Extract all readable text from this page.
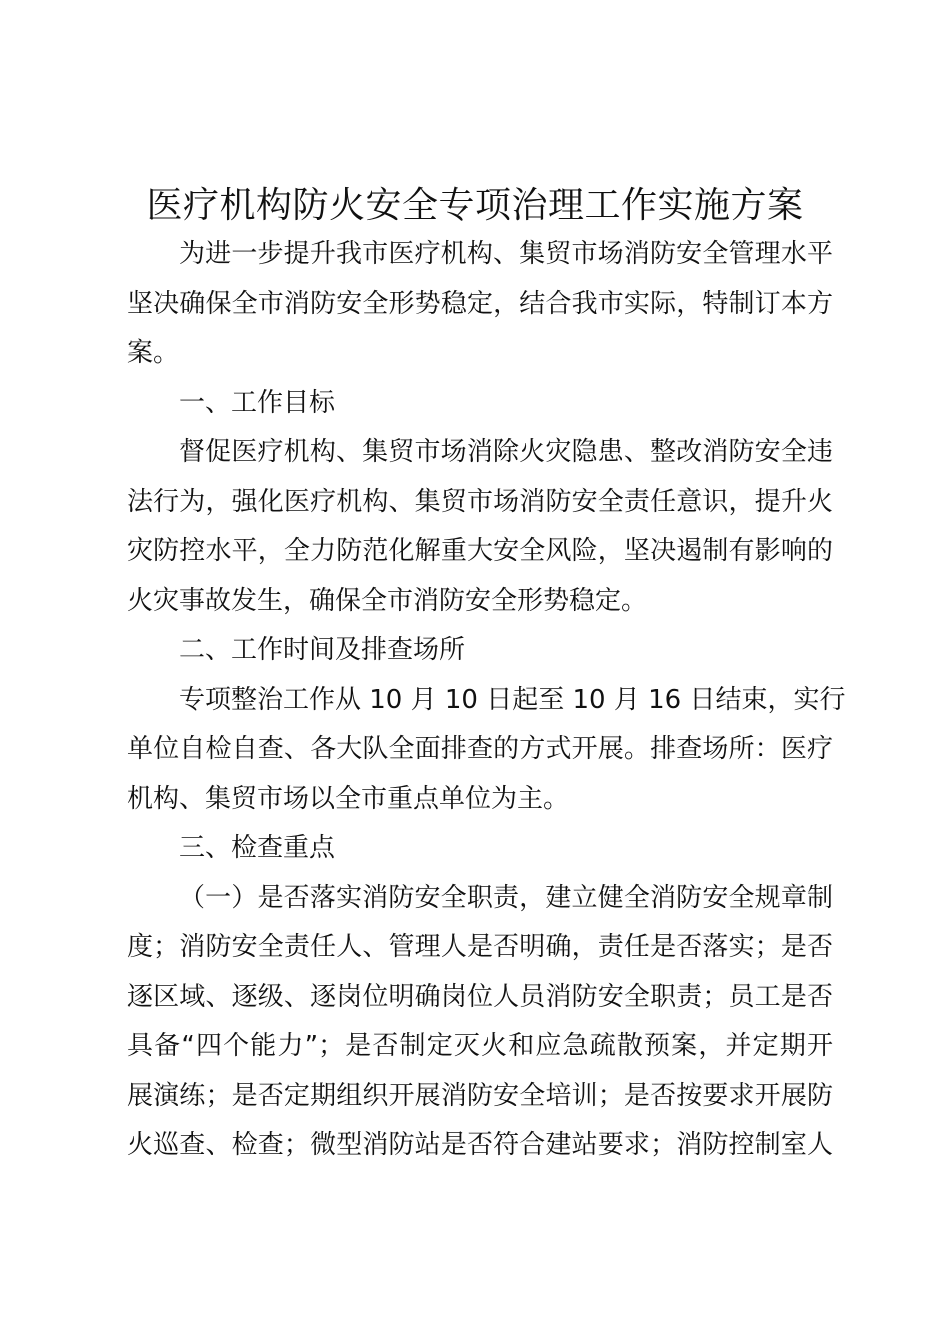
医疗机构防火安全专项治理工作实施方案
为进一步提升我市医疗机构、集贸市场消防安全管理水平
坚决确保全市消防安全形势稳定，结合我市实际，特制订本方
案。
一、工作目标
督促医疗机构、集贸市场消除火灾隐患、整改消防安全违
法行为，强化医疗机构、集贸市场消防安全责任意识，提升火
灾防控水平，全力防范化解重大安全风险，坚决遏制有影响的
火灾事故发生，确保全市消防安全形势稳定。
二、工作时间及排查场所
专项整治工作从 10 月 10 日起至 10 月 16 日结束，实行
单位自检自查、各大队全面排查的方式开展。排查场所：医疗
机构、集贸市场以全市重点单位为主。
三、检查重点
（一）是否落实消防安全职责，建立健全消防安全规章制
度；消防安全责任人、管理人是否明确，责任是否落实；是否
逐区域、逐级、逐岗位明确岗位人员消防安全职责；员工是否
具备“四个能力”；是否制定灭火和应急疏散预案，并定期开
展演练；是否定期组织开展消防安全培训；是否按要求开展防
火巡查、检查；微型消防站是否符合建站要求；消防控制室人
